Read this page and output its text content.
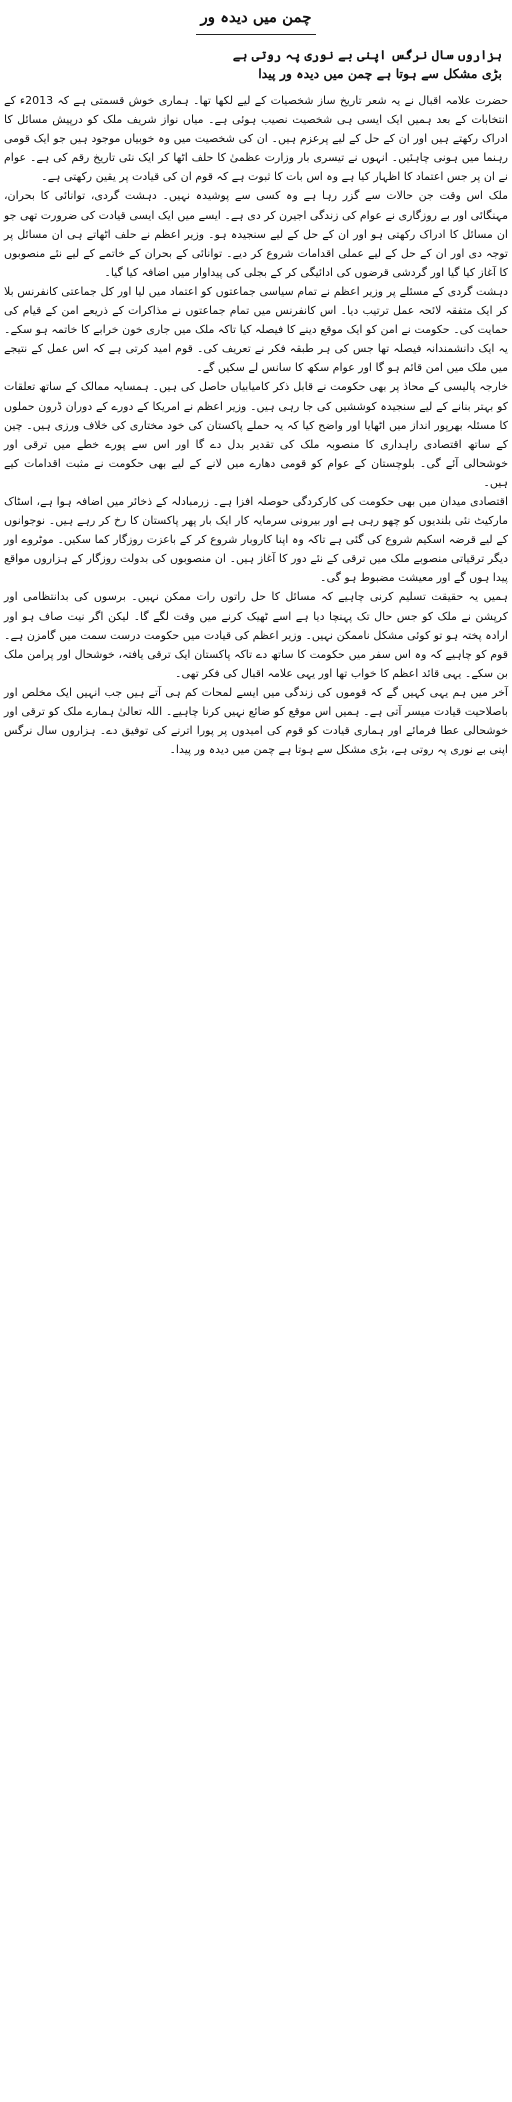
چمن میں دیدہ ور
ہزاروں سال نرگس اپنی بے نوری پہ روتی ہے
بڑی مشکل سے ہوتا ہے چمن میں دیدہ ور پیدا

حضرت علامہ اقبال نے یہ شعر تاریخ ساز شخصیات کے لیے لکھا تھا۔ ہماری خوش قسمتی ہے کہ 2013ء کے انتخابات کے بعد ہمیں ایک ایسی ہی شخصیت نصیب ہوئی ہے۔ میاں نواز شریف ملک کو درپیش مسائل کا ادراک رکھتے ہیں اور ان کے حل کے لیے پرعزم ہیں۔ ان کی شخصیت میں وہ خوبیاں موجود ہیں جو ایک قومی رہنما میں ہونی چاہئیں۔ انہوں نے تیسری بار وزارت عظمیٰ کا حلف اٹھا کر ایک نئی تاریخ رقم کی ہے۔ عوام نے ان پر جس اعتماد کا اظہار کیا ہے وہ اس بات کا ثبوت ہے کہ قوم ان کی قیادت پر یقین رکھتی ہے۔

ملک اس وقت جن حالات سے گزر رہا ہے وہ کسی سے پوشیدہ نہیں۔ دہشت گردی، توانائی کا بحران، مہنگائی اور بے روزگاری نے عوام کی زندگی اجیرن کر دی ہے۔ ایسے میں ایک ایسی قیادت کی ضرورت تھی جو ان مسائل کا ادراک رکھتی ہو اور ان کے حل کے لیے سنجیدہ ہو۔ وزیر اعظم نے حلف اٹھاتے ہی ان مسائل پر توجہ دی اور ان کے حل کے لیے عملی اقدامات شروع کر دیے۔ توانائی کے بحران کے خاتمے کے لیے نئے منصوبوں کا آغاز کیا گیا اور گردشی قرضوں کی ادائیگی کر کے بجلی کی پیداوار میں اضافہ کیا گیا۔

دہشت گردی کے مسئلے پر وزیر اعظم نے تمام سیاسی جماعتوں کو اعتماد میں لیا اور کل جماعتی کانفرنس بلا کر ایک متفقہ لائحہ عمل ترتیب دیا۔ اس کانفرنس میں تمام جماعتوں نے مذاکرات کے ذریعے امن کے قیام کی حمایت کی۔ حکومت نے امن کو ایک موقع دینے کا فیصلہ کیا تاکہ ملک میں جاری خون خرابے کا خاتمہ ہو سکے۔ یہ ایک دانشمندانہ فیصلہ تھا جس کی ہر طبقہ فکر نے تعریف کی۔ قوم امید کرتی ہے کہ اس عمل کے نتیجے میں ملک میں امن قائم ہو گا اور عوام سکھ کا سانس لے سکیں گے۔

خارجہ پالیسی کے محاذ پر بھی حکومت نے قابل ذکر کامیابیاں حاصل کی ہیں۔ ہمسایہ ممالک کے ساتھ تعلقات کو بہتر بنانے کے لیے سنجیدہ کوششیں کی جا رہی ہیں۔ وزیر اعظم نے امریکا کے دورے کے دوران ڈرون حملوں کا مسئلہ بھرپور انداز میں اٹھایا اور واضح کیا کہ یہ حملے پاکستان کی خود مختاری کی خلاف ورزی ہیں۔ چین کے ساتھ اقتصادی راہداری کا منصوبہ ملک کی تقدیر بدل دے گا اور اس سے پورے خطے میں ترقی اور خوشحالی آئے گی۔ بلوچستان کے عوام کو قومی دھارے میں لانے کے لیے بھی حکومت نے مثبت اقدامات کیے ہیں۔

اقتصادی میدان میں بھی حکومت کی کارکردگی حوصلہ افزا ہے۔ زرمبادلہ کے ذخائر میں اضافہ ہوا ہے، اسٹاک مارکیٹ نئی بلندیوں کو چھو رہی ہے اور بیرونی سرمایہ کار ایک بار پھر پاکستان کا رخ کر رہے ہیں۔ نوجوانوں کے لیے قرضہ اسکیم شروع کی گئی ہے تاکہ وہ اپنا کاروبار شروع کر کے باعزت روزگار کما سکیں۔ موٹروے اور دیگر ترقیاتی منصوبے ملک میں ترقی کے نئے دور کا آغاز ہیں۔ ان منصوبوں کی بدولت روزگار کے ہزاروں مواقع پیدا ہوں گے اور معیشت مضبوط ہو گی۔

ہمیں یہ حقیقت تسلیم کرنی چاہیے کہ مسائل کا حل راتوں رات ممکن نہیں۔ برسوں کی بدانتظامی اور کرپشن نے ملک کو جس حال تک پہنچا دیا ہے اسے ٹھیک کرنے میں وقت لگے گا۔ لیکن اگر نیت صاف ہو اور ارادہ پختہ ہو تو کوئی مشکل ناممکن نہیں۔ وزیر اعظم کی قیادت میں حکومت درست سمت میں گامزن ہے۔ قوم کو چاہیے کہ وہ اس سفر میں حکومت کا ساتھ دے تاکہ پاکستان ایک ترقی یافتہ، خوشحال اور پرامن ملک بن سکے۔ یہی قائد اعظم کا خواب تھا اور یہی علامہ اقبال کی فکر تھی۔

آخر میں ہم یہی کہیں گے کہ قوموں کی زندگی میں ایسے لمحات کم ہی آتے ہیں جب انہیں ایک مخلص اور باصلاحیت قیادت میسر آتی ہے۔ ہمیں اس موقع کو ضائع نہیں کرنا چاہیے۔ اللہ تعالیٰ ہمارے ملک کو ترقی اور خوشحالی عطا فرمائے اور ہماری قیادت کو قوم کی امیدوں پر پورا اترنے کی توفیق دے۔ ہزاروں سال نرگس اپنی بے نوری پہ روتی ہے، بڑی مشکل سے ہوتا ہے چمن میں دیدہ ور پیدا۔
